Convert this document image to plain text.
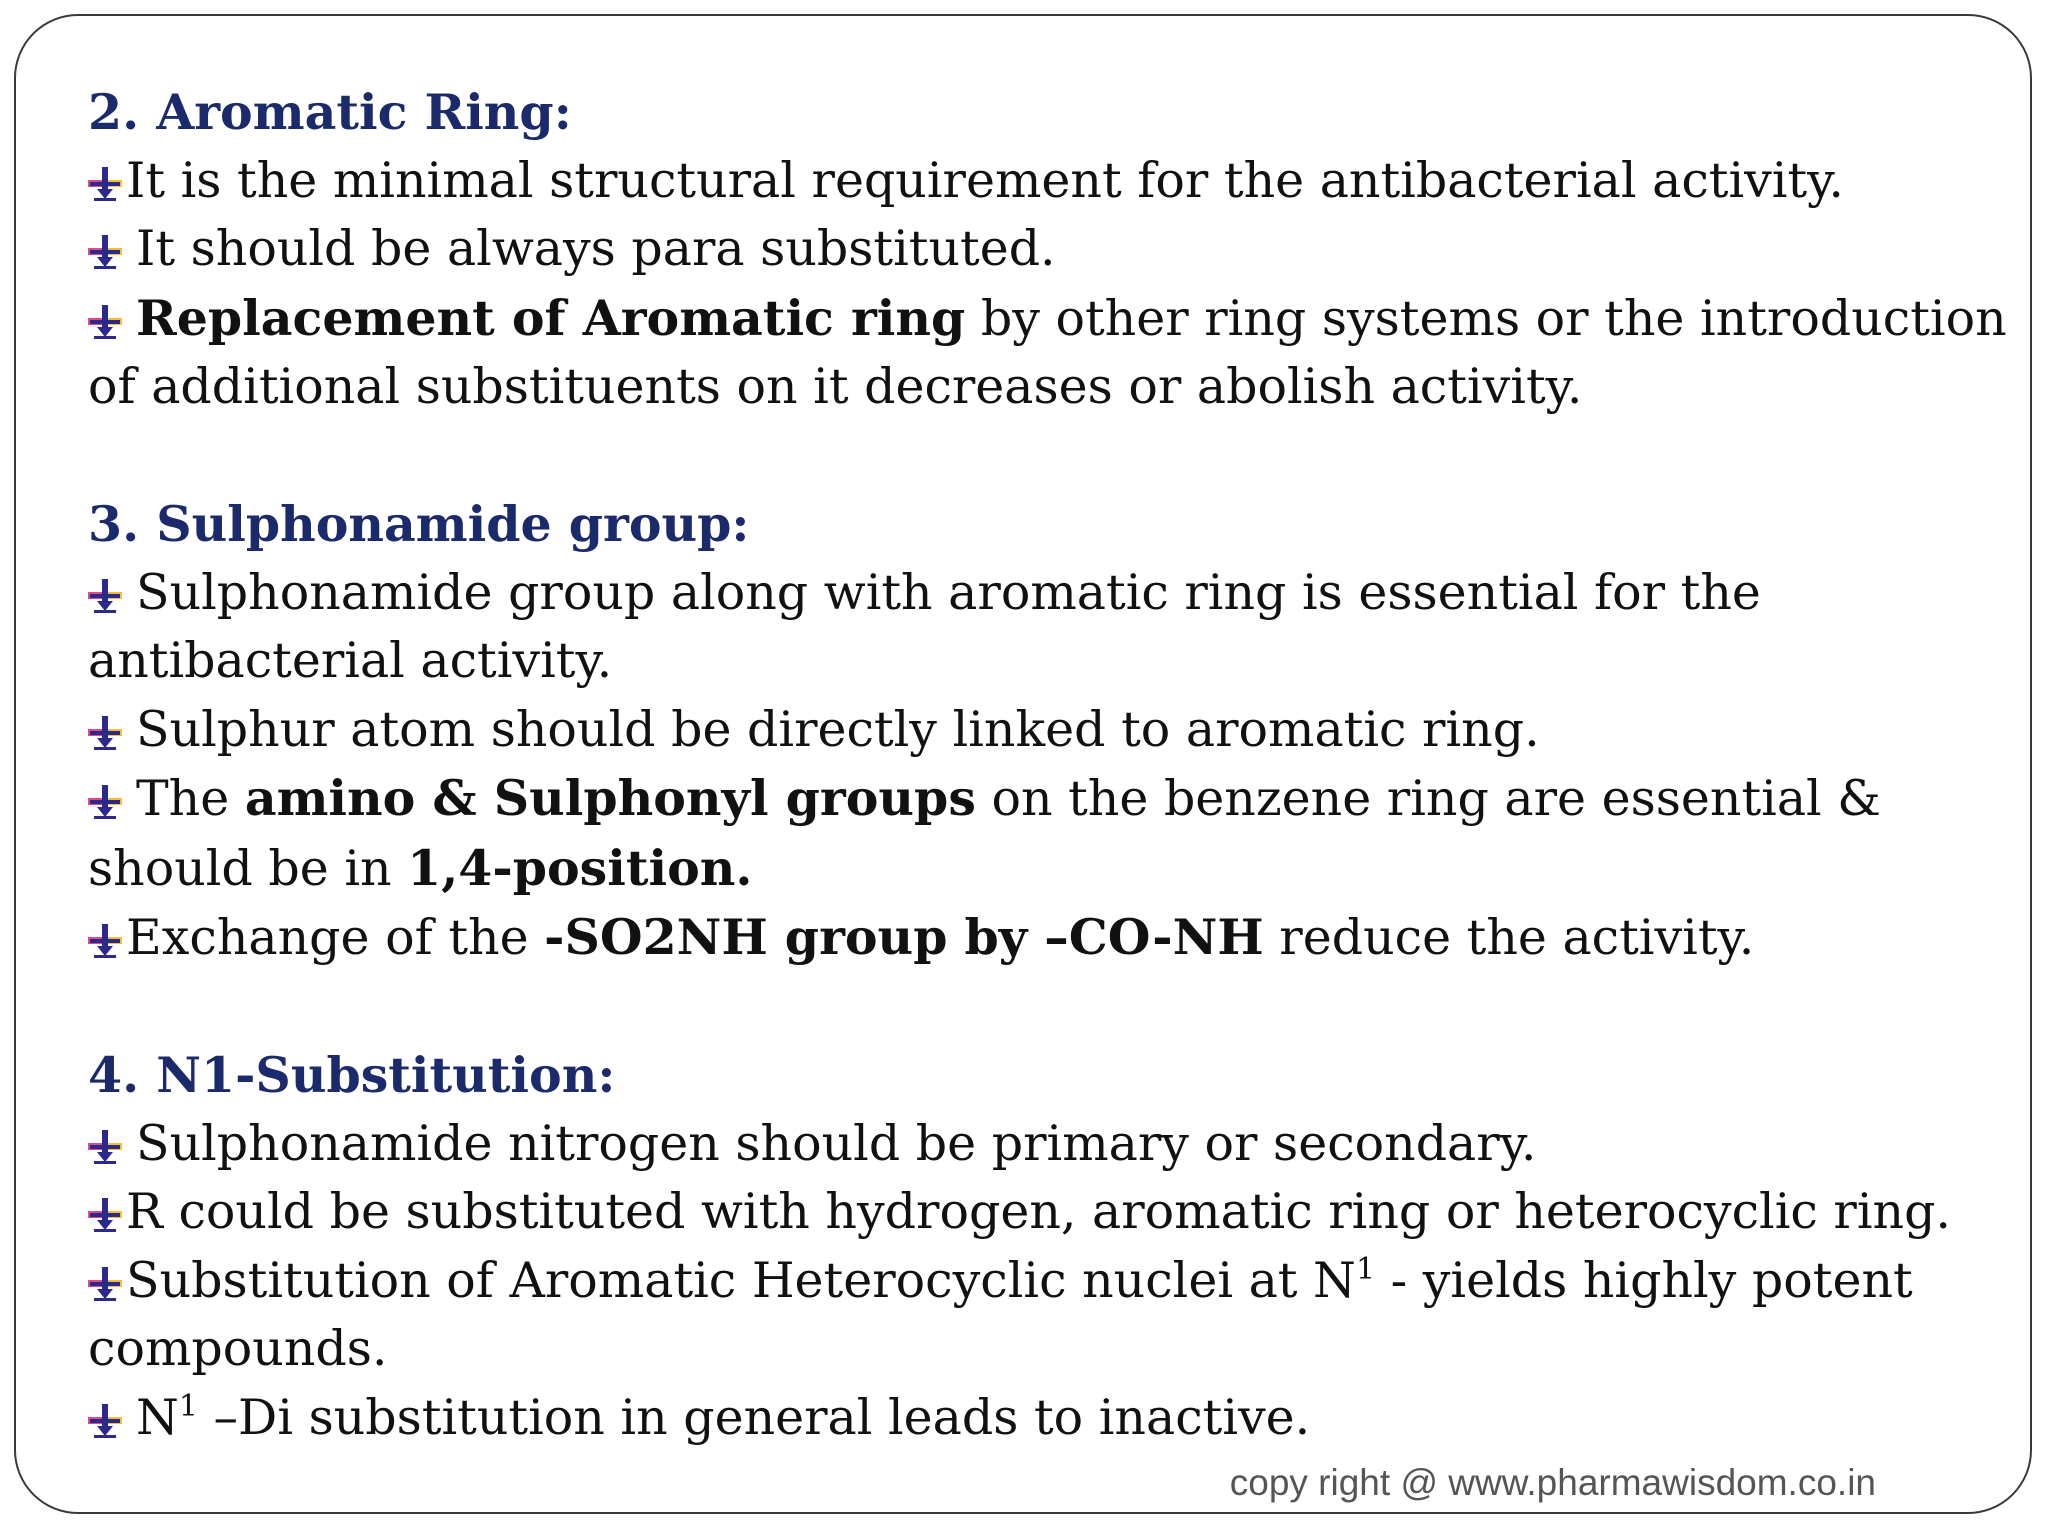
2. Aromatic Ring:

It is the minimal structural requirement for the antibacterial activity.

It should be always para substituted.

Replacement of Aromatic ring by other ring systems or the introduction of additional substituents on it decreases or abolish activity.

3. Sulphonamide group:

Sulphonamide group along with aromatic ring is essential for the antibacterial activity.

Sulphur atom should be directly linked to aromatic ring.

The amino & Sulphonyl groups on the benzene ring are essential & should be in 1,4-position.

Exchange of the -SO2NH group by –CO-NH reduce the activity.

4. N1-Substitution:

Sulphonamide nitrogen should be primary or secondary.

R could be substituted with hydrogen, aromatic ring or heterocyclic ring.

Substitution of Aromatic Heterocyclic nuclei at $N^1$ - yields highly potent compounds.

$N^1$ –Di substitution in general leads to inactive.

copy right @ www.pharmawisdom.co.in
